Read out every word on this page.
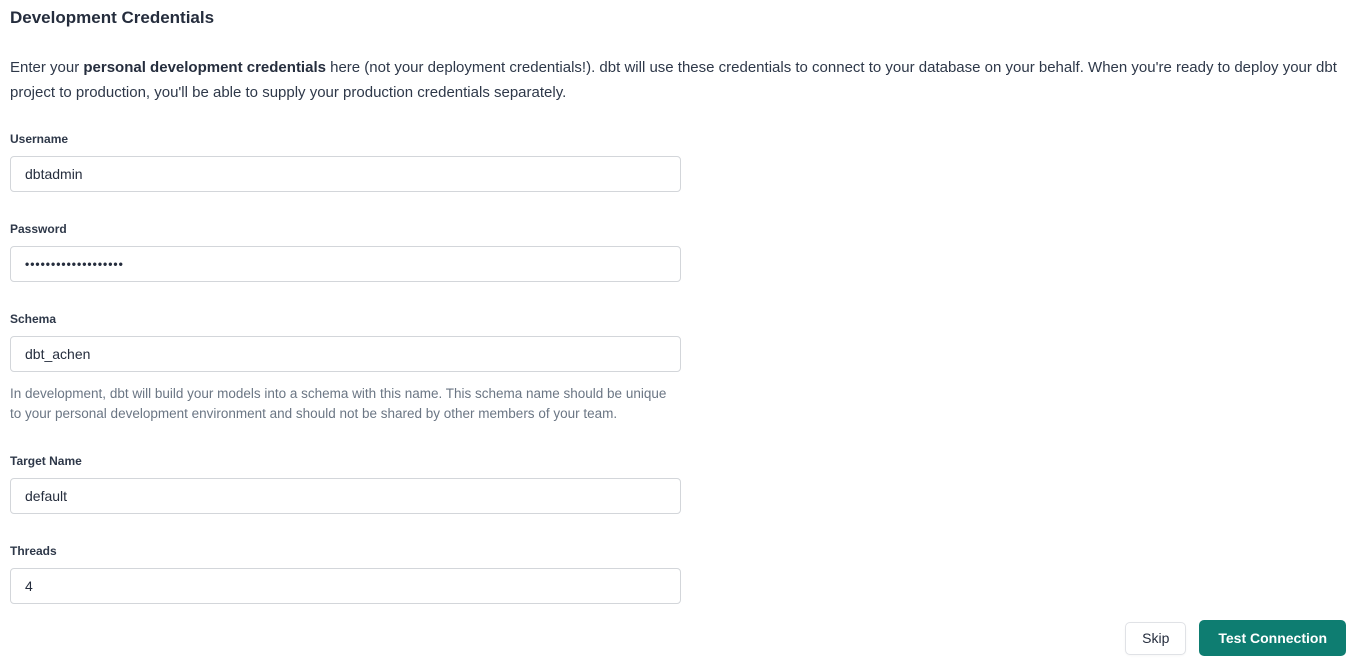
Development Credentials

Enter your personal development credentials here (not your deployment credentials!). dbt will use these credentials to connect to your database on your behalf. When you're ready to deploy your dbt project to production, you'll be able to supply your production credentials separately.

Username
dbtadmin
Password
•••••••••••••••••••
Schema
dbt_achen
In development, dbt will build your models into a schema with this name. This schema name should be unique to your personal development environment and should not be shared by other members of your team.
Target Name
default
Threads
4
Skip	Test Connection
